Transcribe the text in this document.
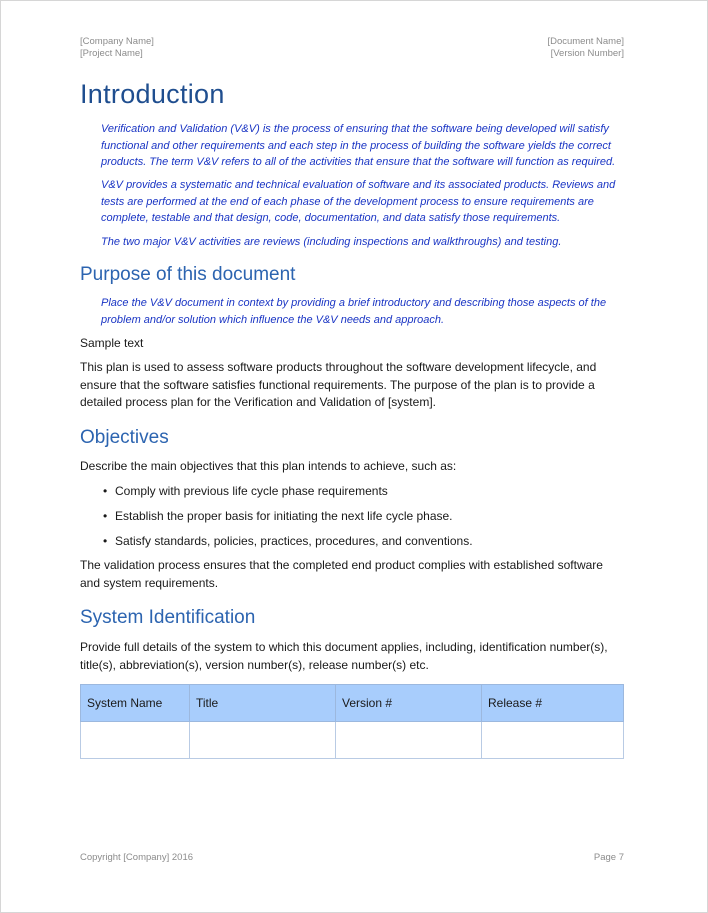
[Company Name]
[Project Name]
[Document Name]
[Version Number]
Introduction

Verification and Validation (V&V) is the process of ensuring that the software being developed will satisfy functional and other requirements and each step in the process of building the software yields the correct products. The term V&V refers to all of the activities that ensure that the software will function as required.

V&V provides a systematic and technical evaluation of software and its associated products. Reviews and tests are performed at the end of each phase of the development process to ensure requirements are complete, testable and that design, code, documentation, and data satisfy those requirements.

The two major V&V activities are reviews (including inspections and walkthroughs) and testing.

Purpose of this document

Place the V&V document in context by providing a brief introductory and describing those aspects of the problem and/or solution which influence the V&V needs and approach.

Sample text

This plan is used to assess software products throughout the software development lifecycle, and ensure that the software satisfies functional requirements. The purpose of the plan is to provide a detailed process plan for the Verification and Validation of [system].

Objectives

Describe the main objectives that this plan intends to achieve, such as:

• Comply with previous life cycle phase requirements
• Establish the proper basis for initiating the next life cycle phase.
• Satisfy standards, policies, practices, procedures, and conventions.

The validation process ensures that the completed end product complies with established software and system requirements.

System Identification

Provide full details of the system to which this document applies, including, identification number(s), title(s), abbreviation(s), version number(s), release number(s) etc.

System Name	Title	Version #	Release #

Copyright [Company] 2016	Page 7
